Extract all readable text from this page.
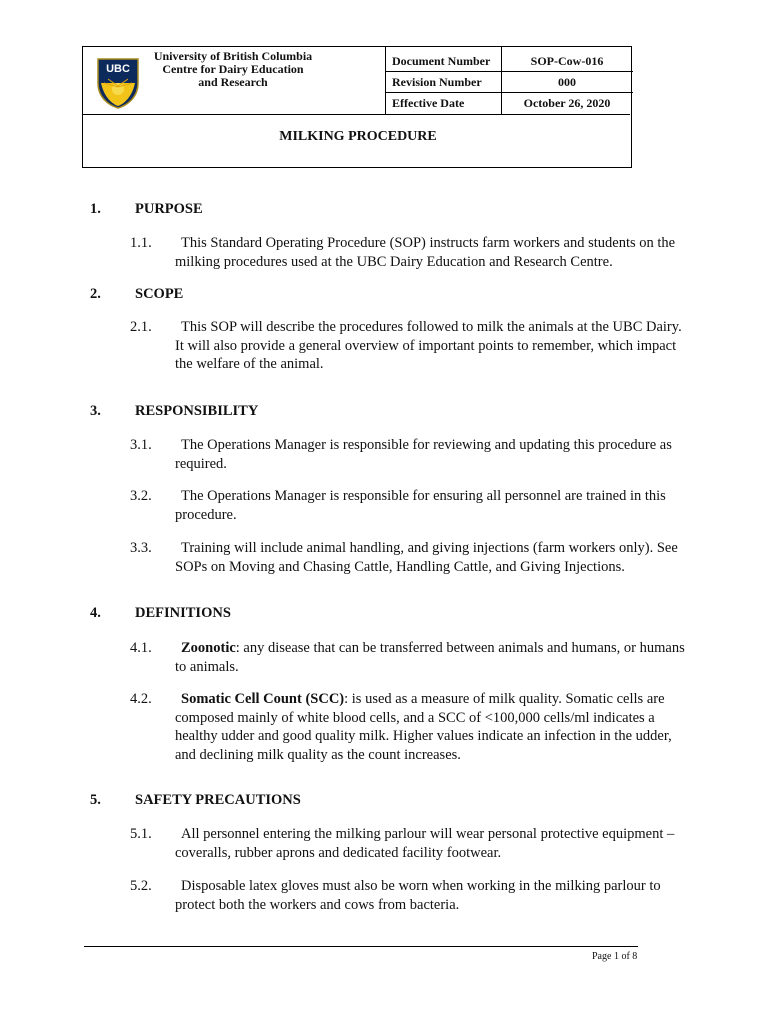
UBC
University of British Columbia
Centre for Dairy Education
and Research
Document Number	SOP-Cow-016
Revision Number	000
Effective Date	October 26, 2020
MILKING PROCEDURE
1. PURPOSE
1.1.	This Standard Operating Procedure (SOP) instructs farm workers and students on the milking procedures used at the UBC Dairy Education and Research Centre.
2. SCOPE
2.1.	This SOP will describe the procedures followed to milk the animals at the UBC Dairy. It will also provide a general overview of important points to remember, which impact the welfare of the animal.
3. RESPONSIBILITY
3.1.	The Operations Manager is responsible for reviewing and updating this procedure as required.
3.2.	The Operations Manager is responsible for ensuring all personnel are trained in this procedure.
3.3.	Training will include animal handling, and giving injections (farm workers only). See SOPs on Moving and Chasing Cattle, Handling Cattle, and Giving Injections.
4. DEFINITIONS
4.1.	Zoonotic: any disease that can be transferred between animals and humans, or humans to animals.
4.2.	Somatic Cell Count (SCC): is used as a measure of milk quality. Somatic cells are composed mainly of white blood cells, and a SCC of <100,000 cells/ml indicates a healthy udder and good quality milk. Higher values indicate an infection in the udder, and declining milk quality as the count increases.
5. SAFETY PRECAUTIONS
5.1.	All personnel entering the milking parlour will wear personal protective equipment –coveralls, rubber aprons and dedicated facility footwear.
5.2.	Disposable latex gloves must also be worn when working in the milking parlour to protect both the workers and cows from bacteria.
Page 1 of 8
